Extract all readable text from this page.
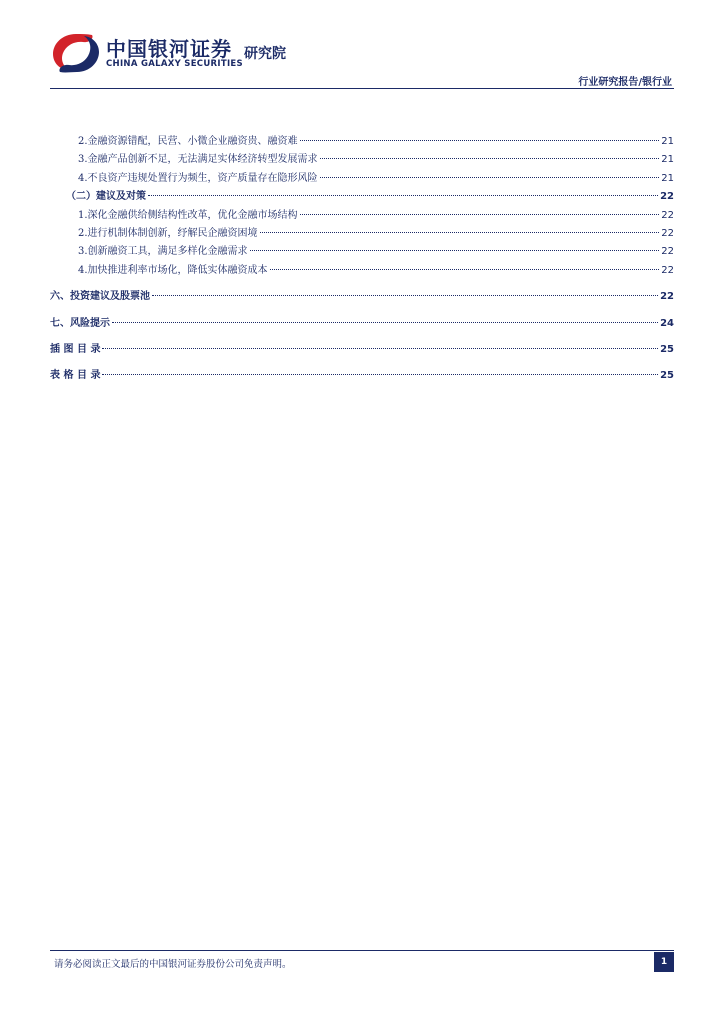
中国银河证券
CHINA GALAXY SECURITIES
研究院
行业研究报告/银行业
2.金融资源错配，民营、小微企业融资贵、融资难	21
3.金融产品创新不足，无法满足实体经济转型发展需求	21
4.不良资产违规处置行为频生，资产质量存在隐形风险	21
（二）建议及对策	22
1.深化金融供给侧结构性改革，优化金融市场结构	22
2.进行机制体制创新，纾解民企融资困境	22
3.创新融资工具，满足多样化金融需求	22
4.加快推进利率市场化，降低实体融资成本	22
六、投资建议及股票池	22
七、风险提示	24
插 图 目 录	25
表 格 目 录	25
请务必阅读正文最后的中国银河证券股份公司免责声明。	1
